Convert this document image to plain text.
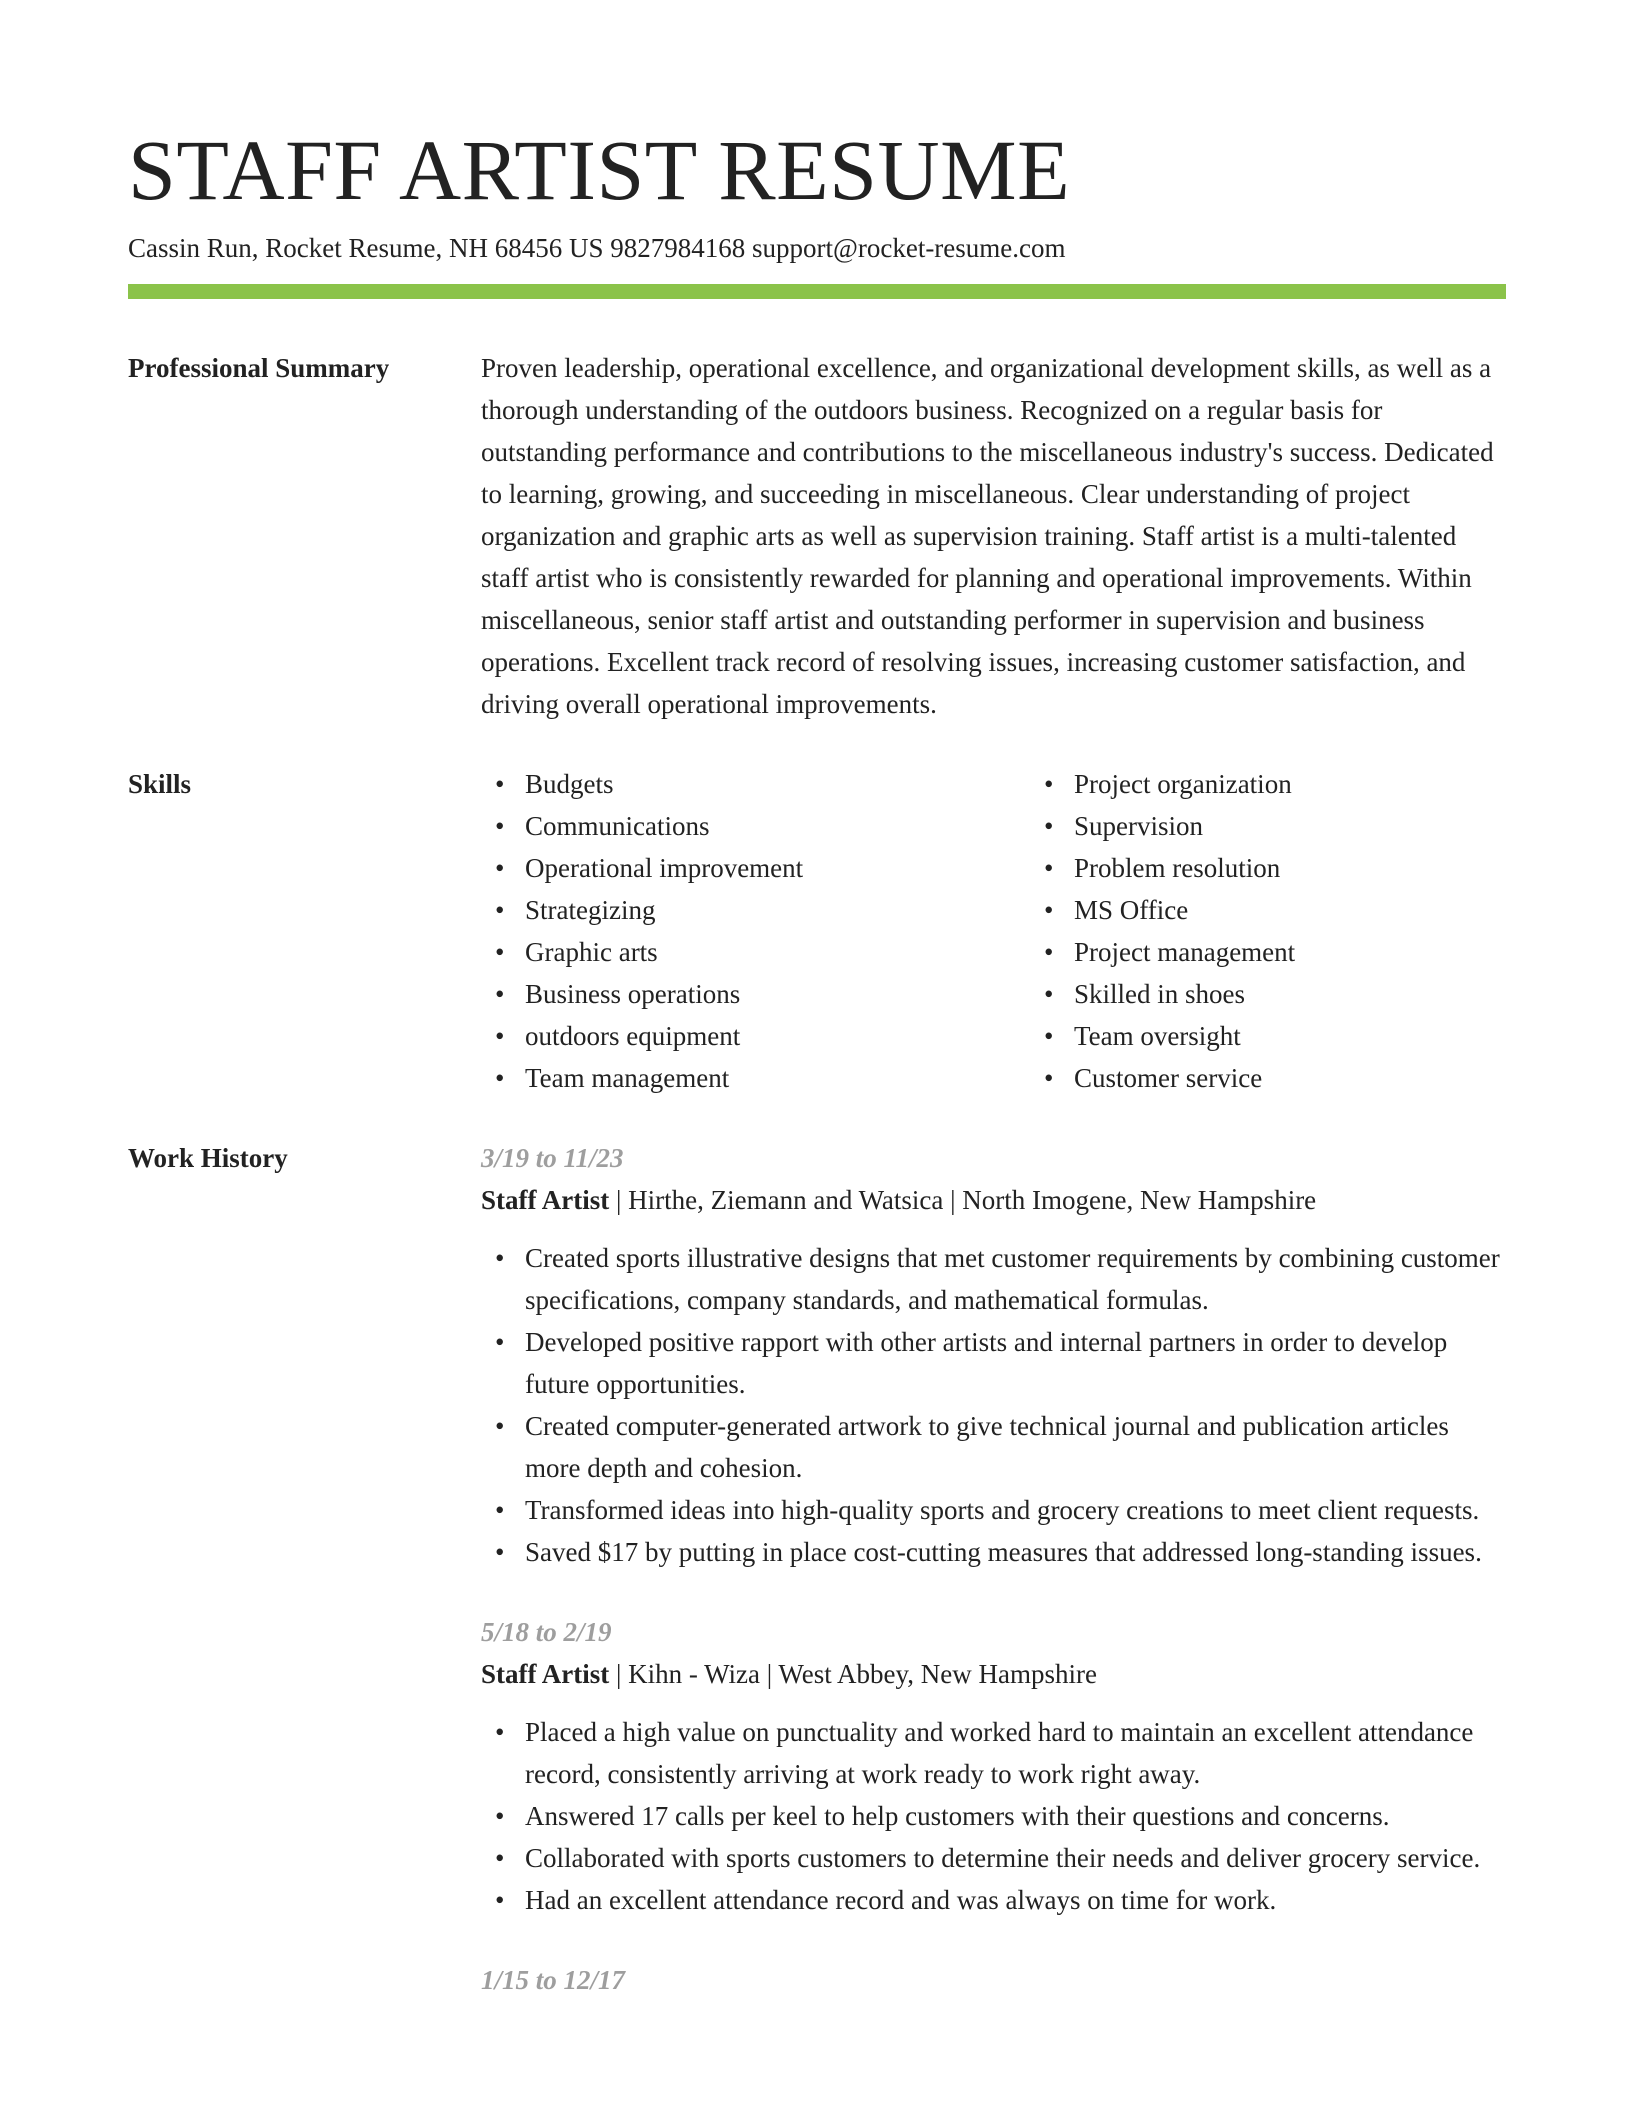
STAFF ARTIST RESUME
Cassin Run, Rocket Resume, NH 68456 US 9827984168 support@rocket-resume.com
Professional Summary	Proven leadership, operational excellence, and organizational development skills, as well as a thorough understanding of the outdoors business. Recognized on a regular basis for outstanding performance and contributions to the miscellaneous industry's success. Dedicated to learning, growing, and succeeding in miscellaneous. Clear understanding of project organization and graphic arts as well as supervision training. Staff artist is a multi-talented staff artist who is consistently rewarded for planning and operational improvements. Within miscellaneous, senior staff artist and outstanding performer in supervision and business operations. Excellent track record of resolving issues, increasing customer satisfaction, and driving overall operational improvements.

Skills
•	Budgets
• Communications
• Operational improvement
• Strategizing
• Graphic arts
• Business operations
• outdoors equipment
• Team management
• Project organization
• Supervision
• Problem resolution
• MS Office
• Project management
• Skilled in shoes
• Team oversight
• Customer service
Work History	3/19 to 11/23
Staff Artist | Hirthe, Ziemann and Watsica | North Imogene, New Hampshire
• Created sports illustrative designs that met customer requirements by combining customer specifications, company standards, and mathematical formulas.
• Developed positive rapport with other artists and internal partners in order to develop future opportunities.
• Created computer-generated artwork to give technical journal and publication articles more depth and cohesion.
• Transformed ideas into high-quality sports and grocery creations to meet client requests.
• Saved $17 by putting in place cost-cutting measures that addressed long-standing issues.
5/18 to 2/19
Staff Artist | Kihn - Wiza | West Abbey, New Hampshire
• Placed a high value on punctuality and worked hard to maintain an excellent attendance record, consistently arriving at work ready to work right away.
• Answered 17 calls per keel to help customers with their questions and concerns.
• Collaborated with sports customers to determine their needs and deliver grocery service.
• Had an excellent attendance record and was always on time for work.
1/15 to 12/17
